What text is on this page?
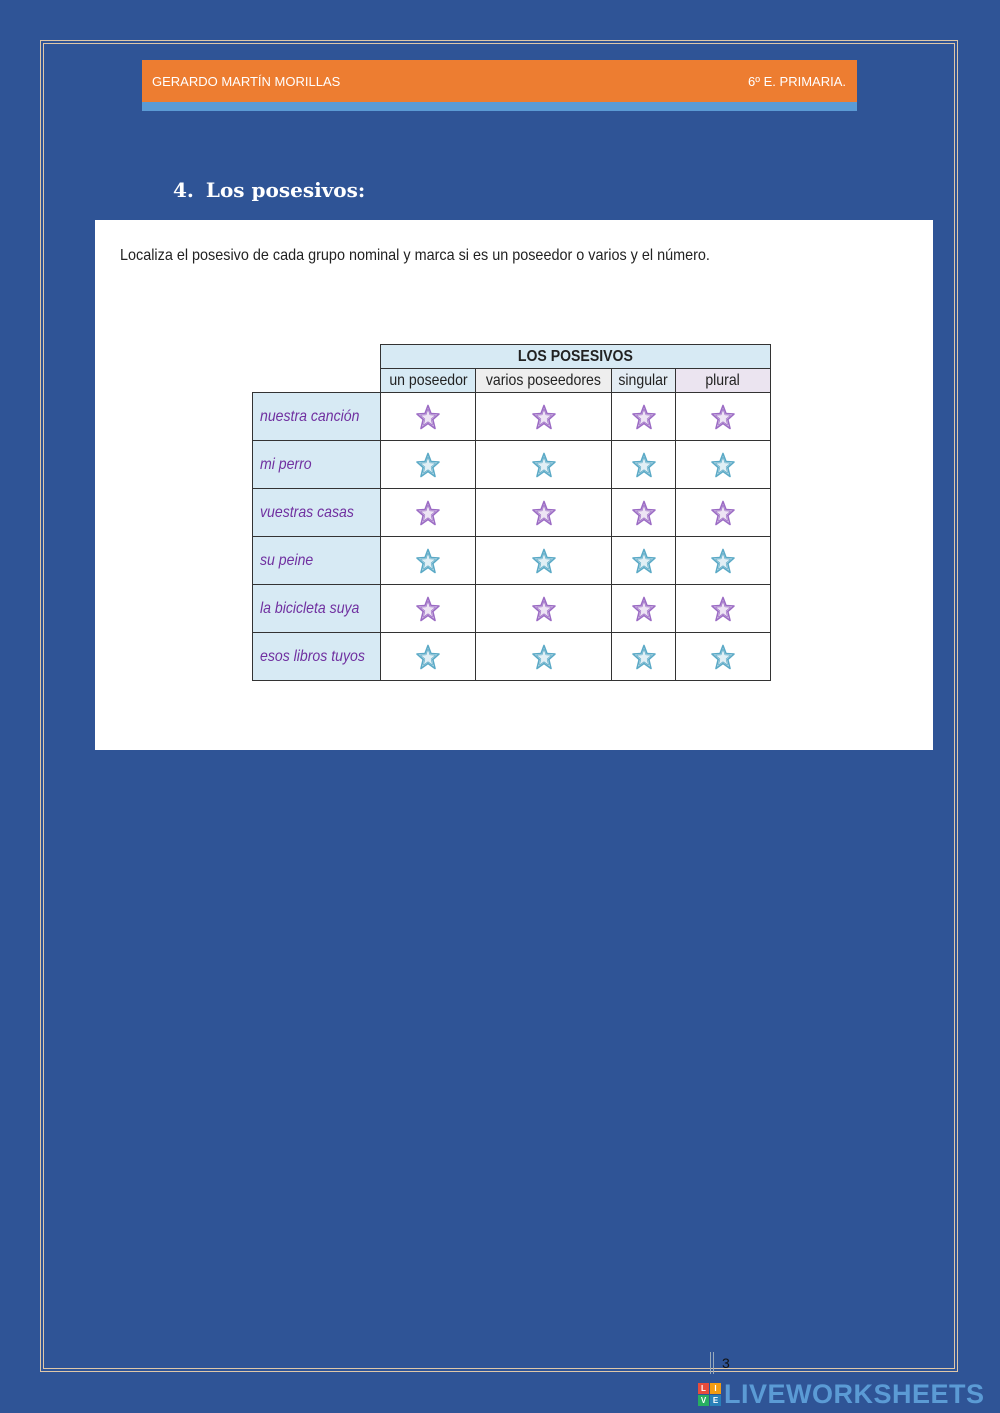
GERARDO MARTÍN MORILLAS	6º E. PRIMARIA.
4. Los posesivos:
Localiza el posesivo de cada grupo nominal y marca si es un poseedor o varios y el número.
	LOS POSESIVOS			
	un poseedor	varios poseedores	singular	plural
nuestra canción				
mi perro				
vuestras casas				
su peine				
la bicicleta suya				
esos libros tuyos				
3
L	I
V E LIVEWORKSHEETS
